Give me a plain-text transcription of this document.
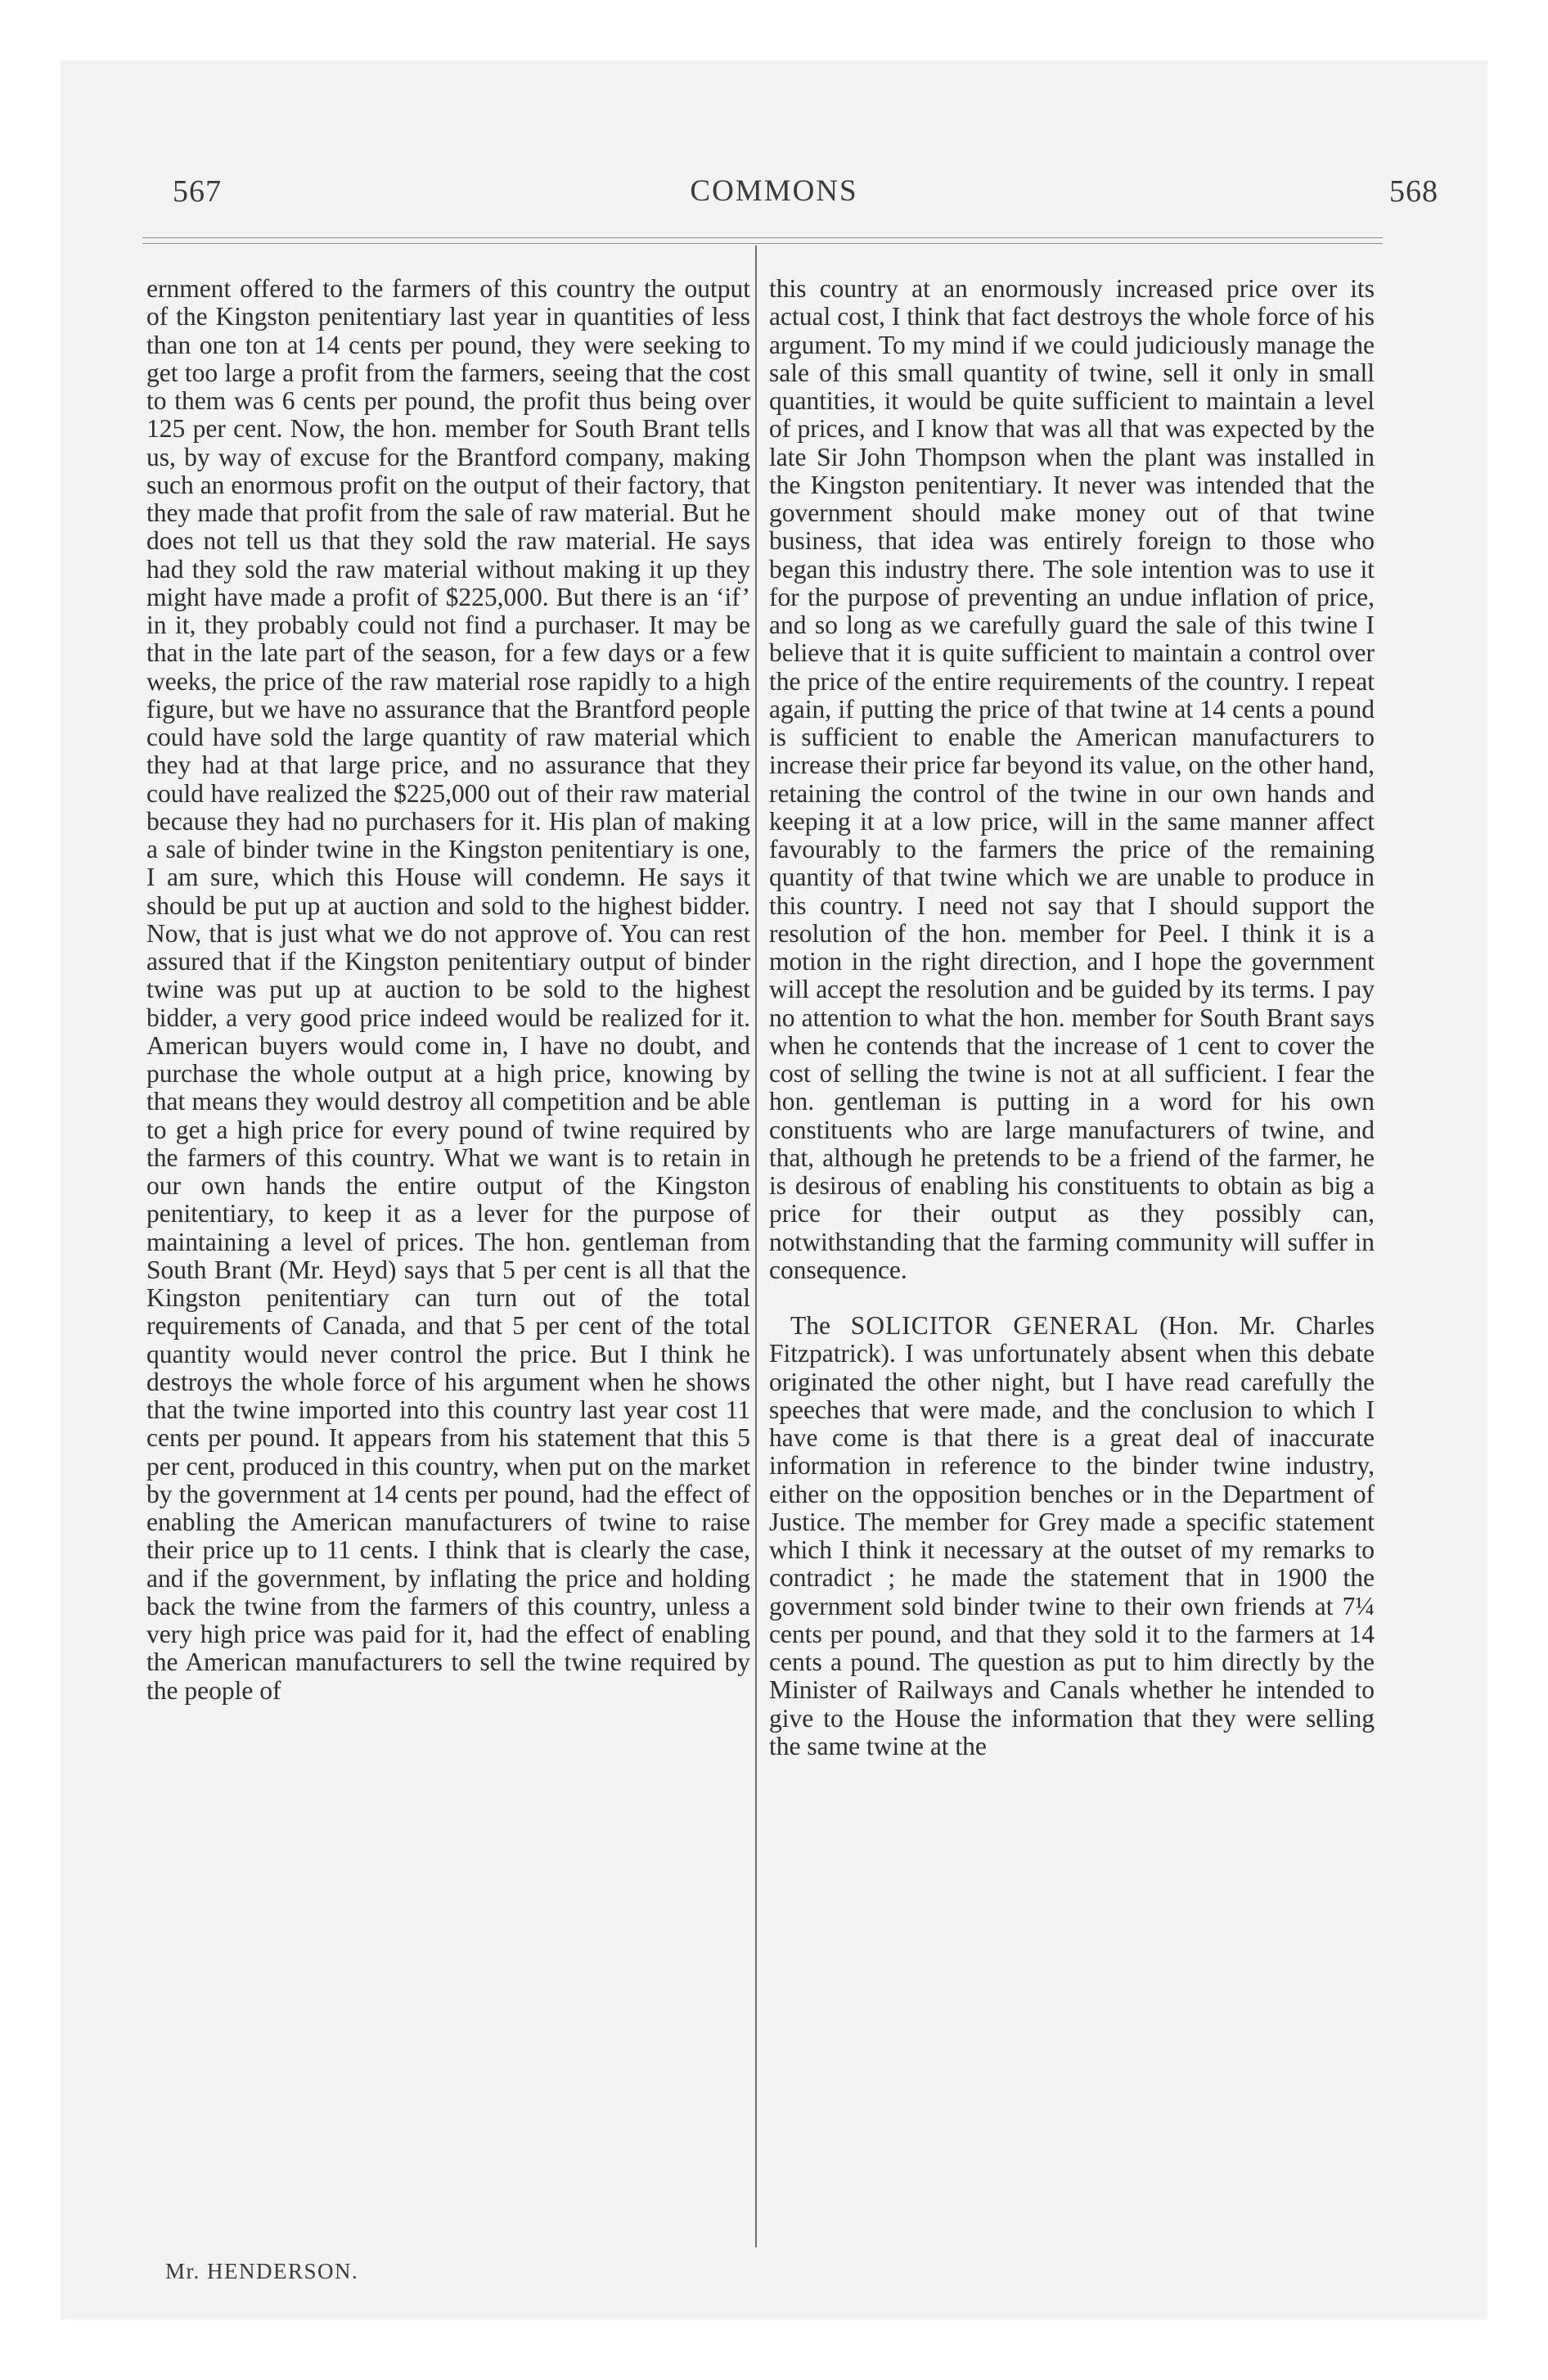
567	COMMONS	568

ernment offered to the farmers of this country the output of the Kingston penitentiary last year in quantities of less than one ton at 14 cents per pound, they were seeking to get too large a profit from the farmers, seeing that the cost to them was 6 cents per pound, the profit thus being over 125 per cent. Now, the hon. member for South Brant tells us, by way of excuse for the Brantford company, making such an enormous profit on the output of their factory, that they made that profit from the sale of raw material. But he does not tell us that they sold the raw material. He says had they sold the raw material without making it up they might have made a profit of $225,000. But there is an ‘if’ in it, they probably could not find a purchaser. It may be that in the late part of the season, for a few days or a few weeks, the price of the raw material rose rapidly to a high figure, but we have no assurance that the Brantford people could have sold the large quantity of raw material which they had at that large price, and no assurance that they could have realized the $225,000 out of their raw material because they had no purchasers for it. His plan of making a sale of binder twine in the Kingston penitentiary is one, I am sure, which this House will condemn. He says it should be put up at auction and sold to the highest bidder. Now, that is just what we do not approve of. You can rest assured that if the Kingston penitentiary output of binder twine was put up at auction to be sold to the highest bidder, a very good price indeed would be realized for it. American buyers would come in, I have no doubt, and purchase the whole output at a high price, knowing by that means they would destroy all competition and be able to get a high price for every pound of twine required by the farmers of this country. What we want is to retain in our own hands the entire output of the Kingston penitentiary, to keep it as a lever for the purpose of maintaining a level of prices. The hon. gentleman from South Brant (Mr. Heyd) says that 5 per cent is all that the Kingston penitentiary can turn out of the total requirements of Canada, and that 5 per cent of the total quantity would never control the price. But I think he destroys the whole force of his argument when he shows that the twine imported into this country last year cost 11 cents per pound. It appears from his statement that this 5 per cent, produced in this country, when put on the market by the government at 14 cents per pound, had the effect of enabling the American manufacturers of twine to raise their price up to 11 cents. I think that is clearly the case, and if the government, by inflating the price and holding back the twine from the farmers of this country, unless a very high price was paid for it, had the effect of enabling the American manufacturers to sell the twine required by the people of

this country at an enormously increased price over its actual cost, I think that fact destroys the whole force of his argument. To my mind if we could judiciously manage the sale of this small quantity of twine, sell it only in small quantities, it would be quite sufficient to maintain a level of prices, and I know that was all that was expected by the late Sir John Thompson when the plant was installed in the Kingston penitentiary. It never was intended that the government should make money out of that twine business, that idea was entirely foreign to those who began this industry there. The sole intention was to use it for the purpose of preventing an undue inflation of price, and so long as we carefully guard the sale of this twine I believe that it is quite sufficient to maintain a control over the price of the entire requirements of the country. I repeat again, if putting the price of that twine at 14 cents a pound is sufficient to enable the American manufacturers to increase their price far beyond its value, on the other hand, retaining the control of the twine in our own hands and keeping it at a low price, will in the same manner affect favourably to the farmers the price of the remaining quantity of that twine which we are unable to produce in this country. I need not say that I should support the resolution of the hon. member for Peel. I think it is a motion in the right direction, and I hope the government will accept the resolution and be guided by its terms. I pay no attention to what the hon. member for South Brant says when he contends that the increase of 1 cent to cover the cost of selling the twine is not at all sufficient. I fear the hon. gentleman is putting in a word for his own constituents who are large manufacturers of twine, and that, although he pretends to be a friend of the farmer, he is desirous of enabling his constituents to obtain as big a price for their output as they possibly can, notwithstanding that the farming community will suffer in consequence.

The SOLICITOR GENERAL (Hon. Mr. Charles Fitzpatrick). I was unfortunately absent when this debate originated the other night, but I have read carefully the speeches that were made, and the conclusion to which I have come is that there is a great deal of inaccurate information in reference to the binder twine industry, either on the opposition benches or in the Department of Justice. The member for Grey made a specific statement which I think it necessary at the outset of my remarks to contradict ; he made the statement that in 1900 the government sold binder twine to their own friends at 7¼ cents per pound, and that they sold it to the farmers at 14 cents a pound. The question as put to him directly by the Minister of Railways and Canals whether he intended to give to the House the information that they were selling the same twine at the

Mr. HENDERSON.
